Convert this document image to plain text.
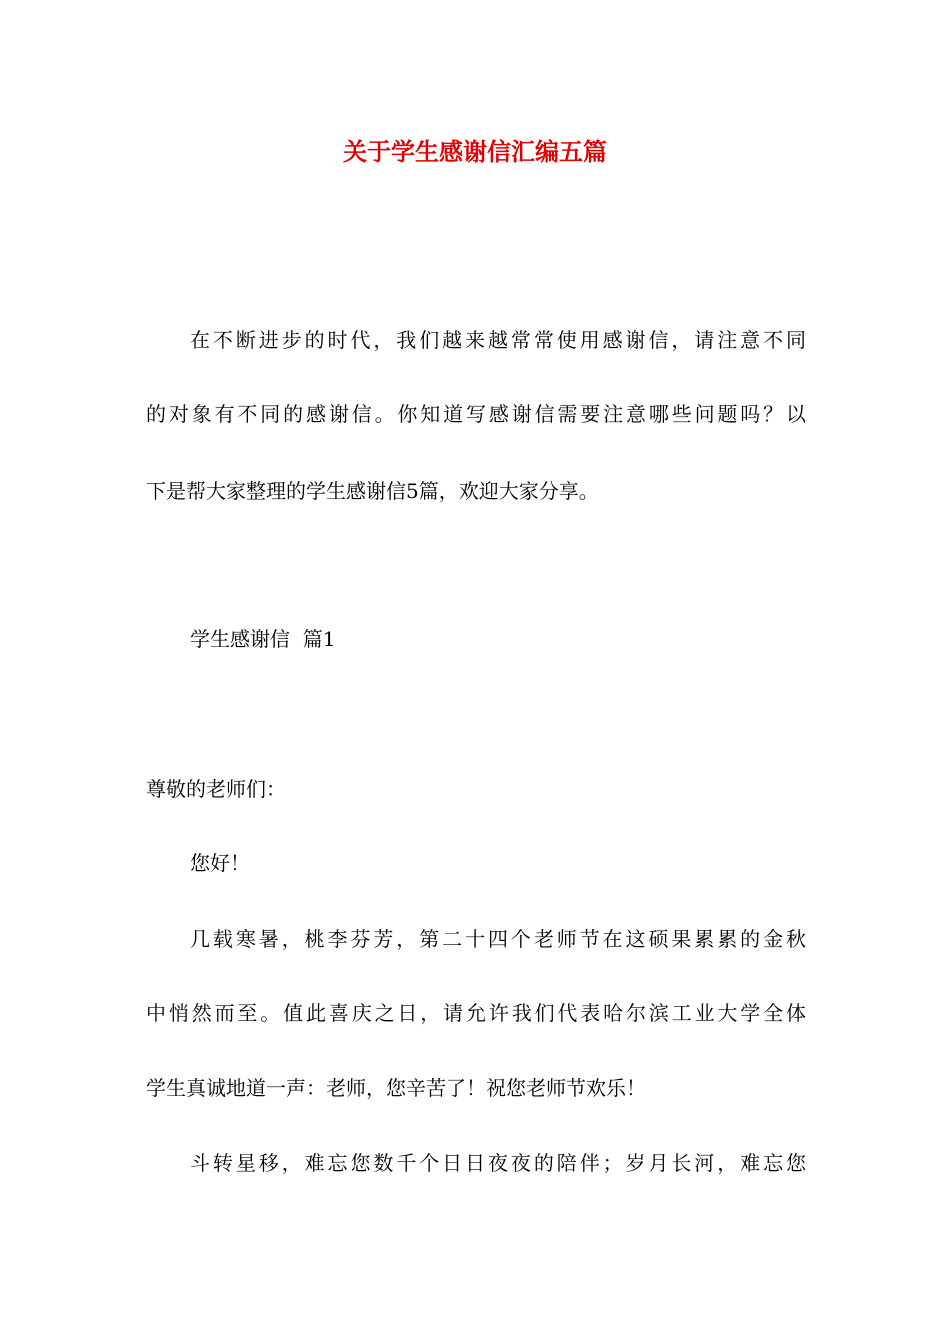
关于学生感谢信汇编五篇
在不断进步的时代，我们越来越常常使用感谢信，请注意不同
的对象有不同的感谢信。你知道写感谢信需要注意哪些问题吗？以
下是帮大家整理的学生感谢信5篇，欢迎大家分享。
学生感谢信  篇1
尊敬的老师们：
您好！
几载寒暑，桃李芬芳，第二十四个老师节在这硕果累累的金秋
中悄然而至。值此喜庆之日，请允许我们代表哈尔滨工业大学全体
学生真诚地道一声：老师，您辛苦了！祝您老师节欢乐！
斗转星移，难忘您数千个日日夜夜的陪伴；岁月长河，难忘您
